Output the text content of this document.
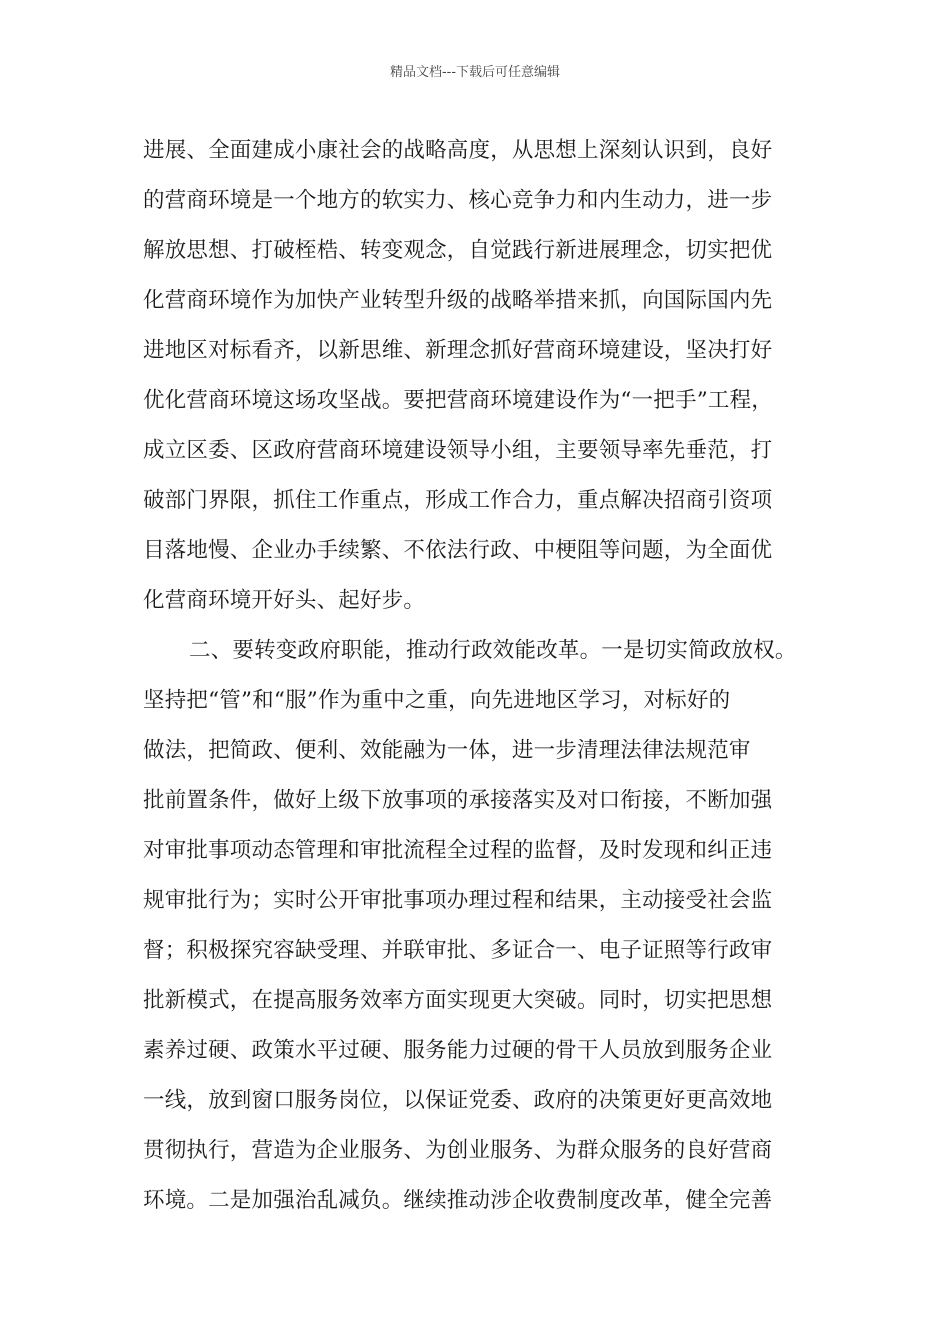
精品文档---下载后可任意编辑
进展、全面建成小康社会的战略高度，从思想上深刻认识到，良好
的营商环境是一个地方的软实力、核心竞争力和内生动力，进一步
解放思想、打破桎梏、转变观念，自觉践行新进展理念，切实把优
化营商环境作为加快产业转型升级的战略举措来抓，向国际国内先
进地区对标看齐，以新思维、新理念抓好营商环境建设，坚决打好
优化营商环境这场攻坚战。要把营商环境建设作为“一把手”工程，
成立区委、区政府营商环境建设领导小组，主要领导率先垂范，打
破部门界限，抓住工作重点，形成工作合力，重点解决招商引资项
目落地慢、企业办手续繁、不依法行政、中梗阻等问题，为全面优
化营商环境开好头、起好步。
二、要转变政府职能，推动行政效能改革。一是切实简政放权。
坚持把“管”和“服”作为重中之重，向先进地区学习，对标好的
做法，把简政、便利、效能融为一体，进一步清理法律法规范审
批前置条件，做好上级下放事项的承接落实及对口衔接，不断加强
对审批事项动态管理和审批流程全过程的监督，及时发现和纠正违
规审批行为；实时公开审批事项办理过程和结果，主动接受社会监
督；积极探究容缺受理、并联审批、多证合一、电子证照等行政审
批新模式，在提高服务效率方面实现更大突破。同时，切实把思想
素养过硬、政策水平过硬、服务能力过硬的骨干人员放到服务企业
一线，放到窗口服务岗位，以保证党委、政府的决策更好更高效地
贯彻执行，营造为企业服务、为创业服务、为群众服务的良好营商
环境。二是加强治乱减负。继续推动涉企收费制度改革，健全完善
